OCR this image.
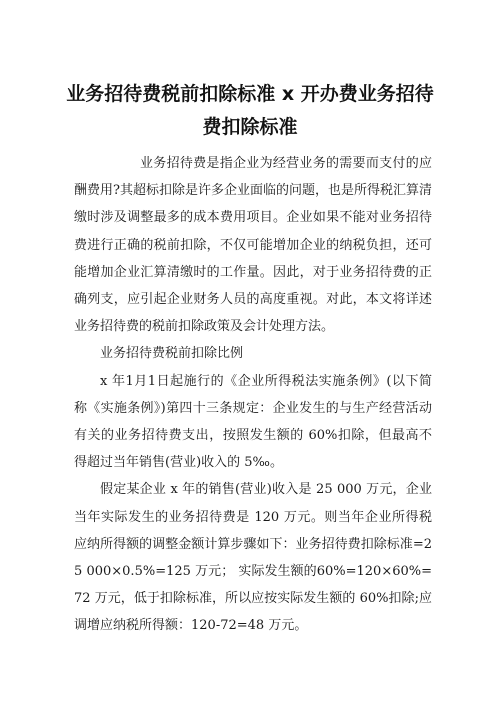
业务招待费税前扣除标准 x 开办费业务招待费扣除标准

业务招待费是指企业为经营业务的需要而支付的应酬费用?其超标扣除是许多企业面临的问题，也是所得税汇算清缴时涉及调整最多的成本费用项目。企业如果不能对业务招待费进行正确的税前扣除，不仅可能增加企业的纳税负担，还可能增加企业汇算清缴时的工作量。因此，对于业务招待费的正确列支，应引起企业财务人员的高度重视。对此，本文将详述业务招待费的税前扣除政策及会计处理方法。

业务招待费税前扣除比例

x 年1月1日起施行的《企业所得税法实施条例》(以下简称《实施条例》)第四十三条规定：企业发生的与生产经营活动有关的业务招待费支出，按照发生额的 60%扣除，但最高不得超过当年销售(营业)收入的 5‰。

假定某企业 x 年的销售(营业)收入是 25 000 万元，企业当年实际发生的业务招待费是 120 万元。则当年企业所得税应纳所得额的调整金额计算步骤如下：业务招待费扣除标准=25 000×0.5%=125 万元； 实际发生额的60%=120×60%=72 万元，低于扣除标准，所以应按实际发生额的 60%扣除;应调增应纳税所得额：120-72=48 万元。
